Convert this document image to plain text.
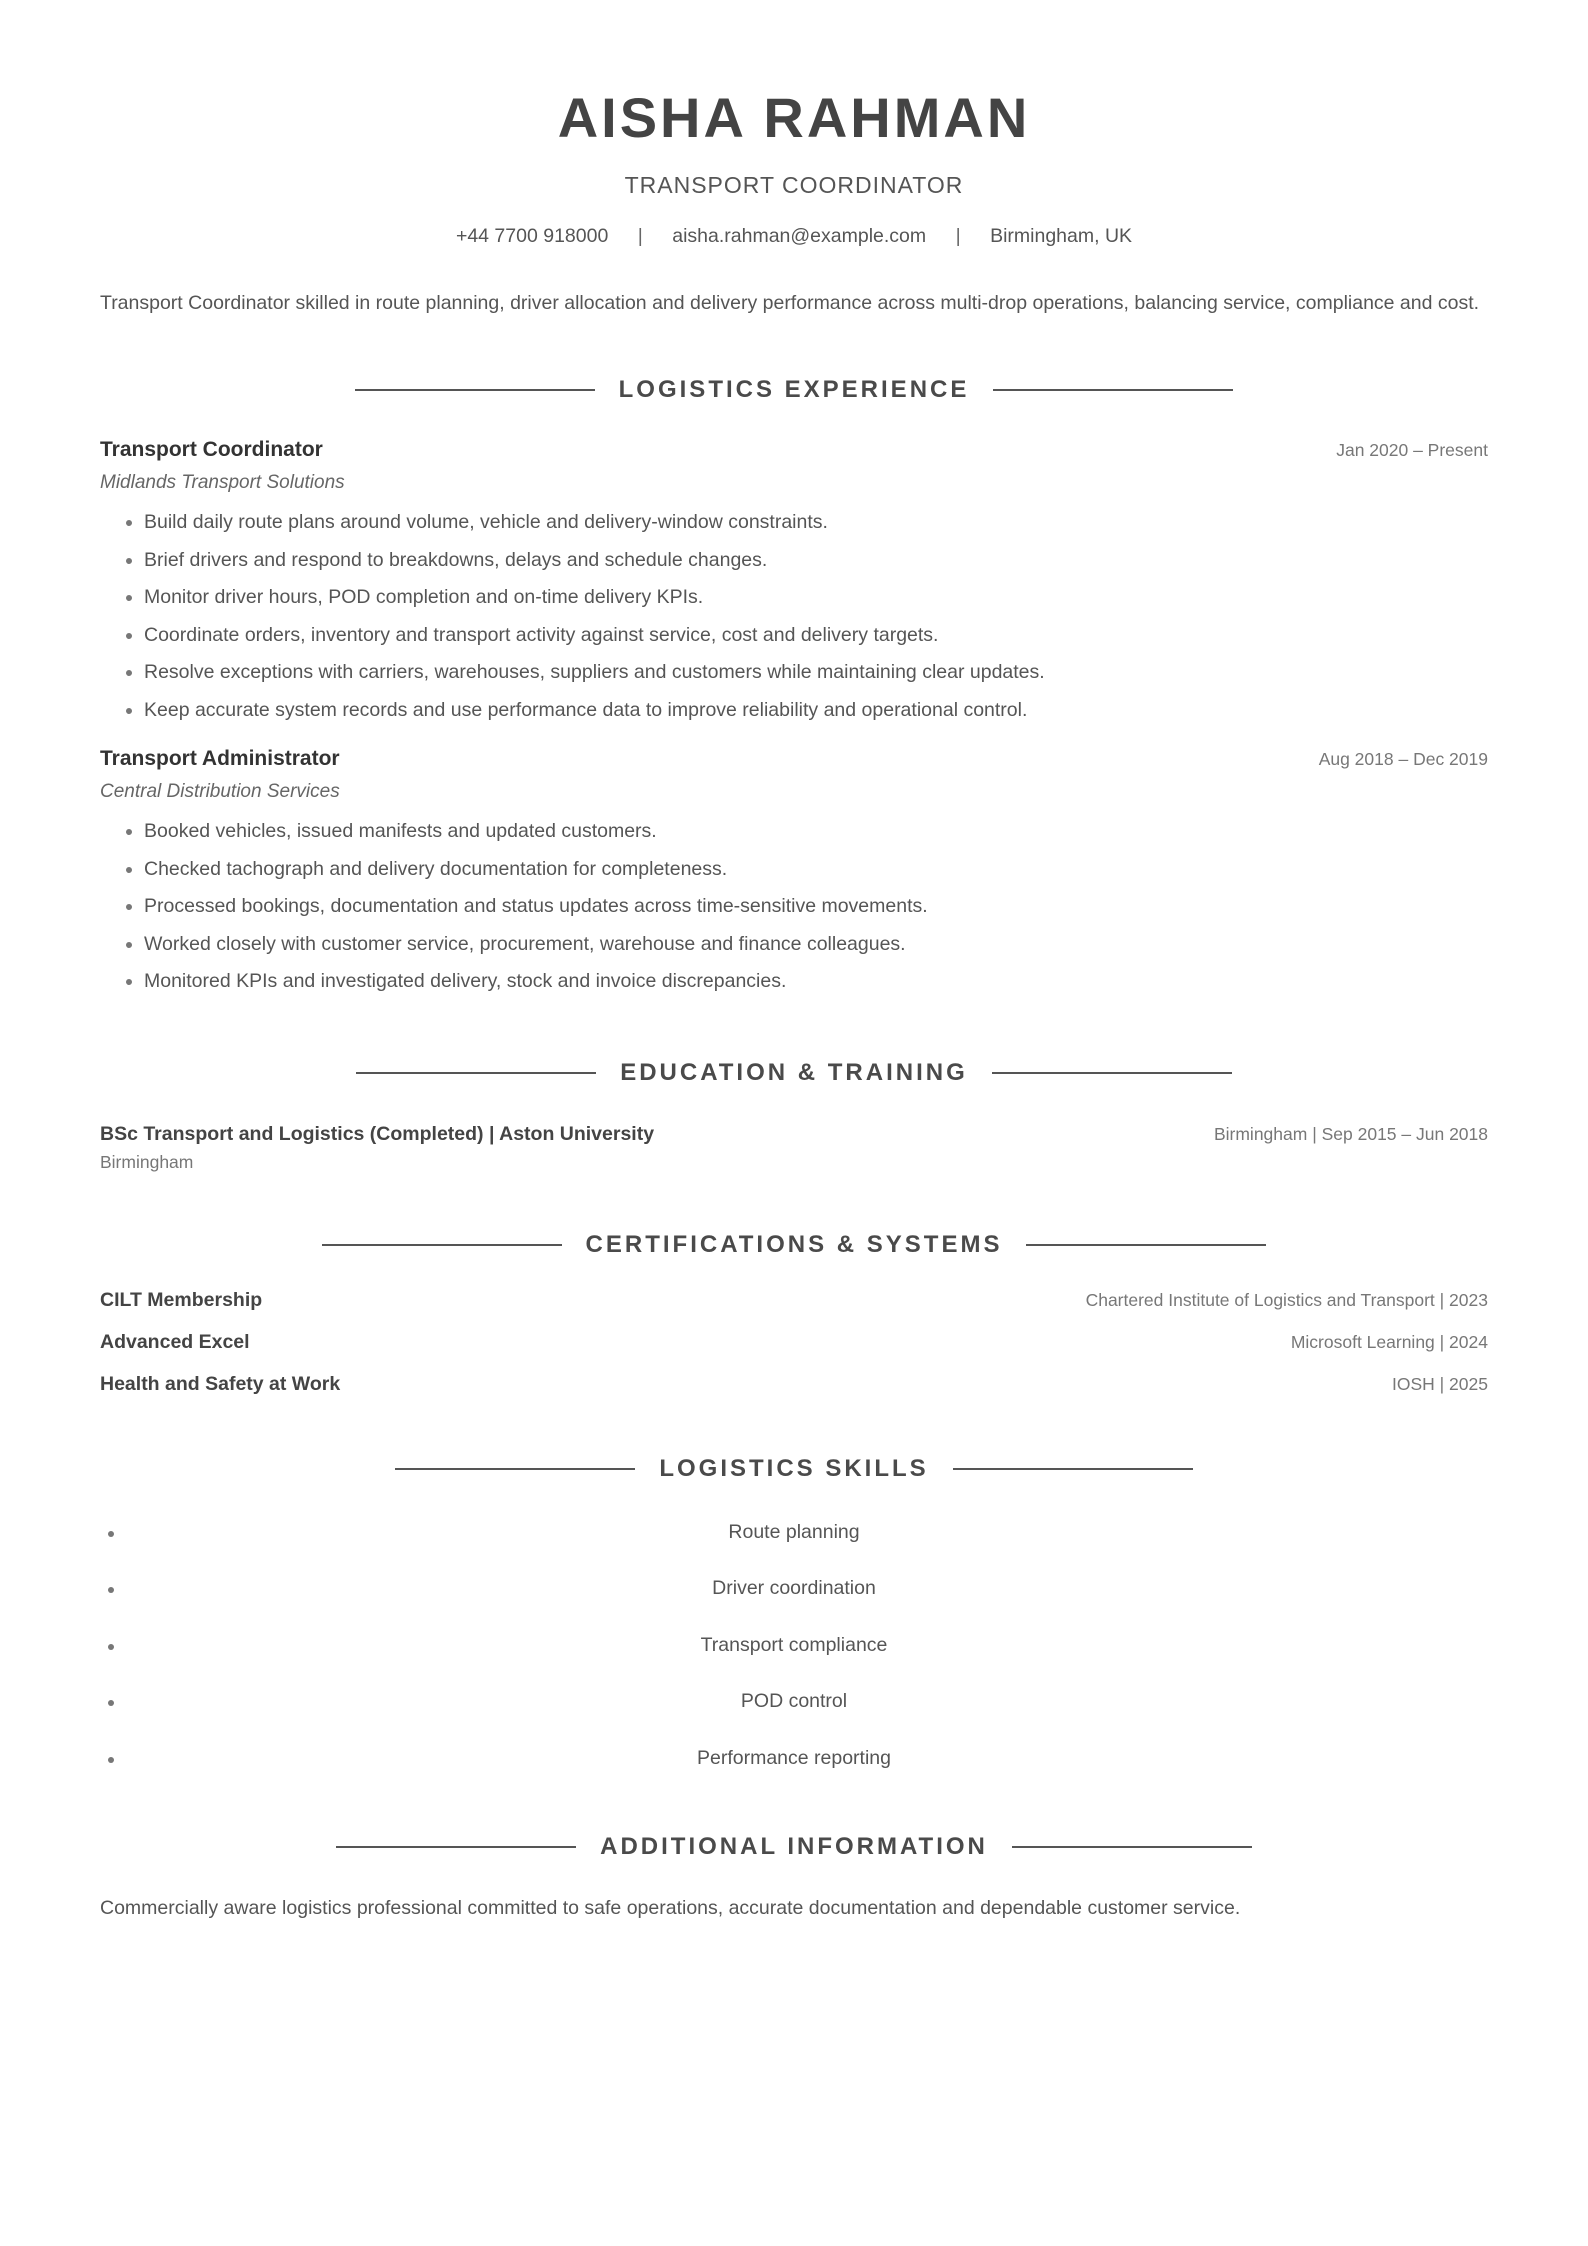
AISHA RAHMAN
TRANSPORT COORDINATOR
+44 7700 918000 | aisha.rahman@example.com | Birmingham, UK
Transport Coordinator skilled in route planning, driver allocation and delivery performance across multi-drop operations, balancing service, compliance and cost.
LOGISTICS EXPERIENCE
Transport Coordinator	Jan 2020 – Present
Midlands Transport Solutions
• Build daily route plans around volume, vehicle and delivery-window constraints.
• Brief drivers and respond to breakdowns, delays and schedule changes.
• Monitor driver hours, POD completion and on-time delivery KPIs.
• Coordinate orders, inventory and transport activity against service, cost and delivery targets.
• Resolve exceptions with carriers, warehouses, suppliers and customers while maintaining clear updates.
• Keep accurate system records and use performance data to improve reliability and operational control.
Transport Administrator	Aug 2018 – Dec 2019
Central Distribution Services
• Booked vehicles, issued manifests and updated customers.
• Checked tachograph and delivery documentation for completeness.
• Processed bookings, documentation and status updates across time-sensitive movements.
• Worked closely with customer service, procurement, warehouse and finance colleagues.
• Monitored KPIs and investigated delivery, stock and invoice discrepancies.
EDUCATION & TRAINING
BSc Transport and Logistics (Completed) | Aston University	Birmingham | Sep 2015 – Jun 2018
Birmingham
CERTIFICATIONS & SYSTEMS
CILT Membership	Chartered Institute of Logistics and Transport | 2023
Advanced Excel	Microsoft Learning | 2024
Health and Safety at Work	IOSH | 2025
LOGISTICS SKILLS
Route planning
Driver coordination
Transport compliance
POD control
Performance reporting
ADDITIONAL INFORMATION
Commercially aware logistics professional committed to safe operations, accurate documentation and dependable customer service.
